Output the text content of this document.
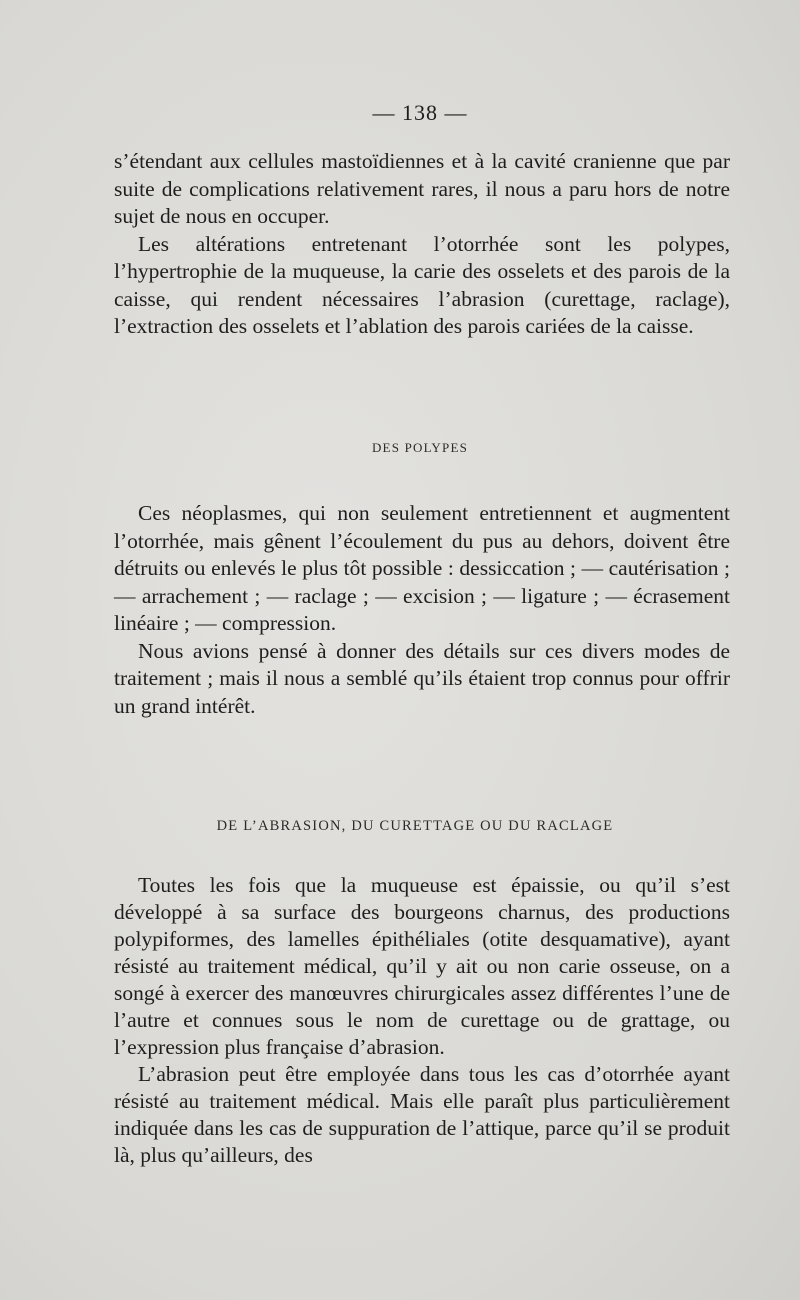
— 138 —

s’étendant aux cellules mastoïdiennes et à la cavité cranienne que par suite de complications relativement rares, il nous a paru hors de notre sujet de nous en occuper.

Les altérations entretenant l’otorrhée sont les polypes, l’hypertrophie de la muqueuse, la carie des osselets et des parois de la caisse, qui rendent nécessaires l’abrasion (curettage, raclage), l’extraction des osselets et l’ablation des parois cariées de la caisse.

DES POLYPES

Ces néoplasmes, qui non seulement entretiennent et augmentent l’otorrhée, mais gênent l’écoulement du pus au dehors, doivent être détruits ou enlevés le plus tôt possible : dessiccation ; — cautérisation ; — arrachement ; — raclage ; — excision ; — ligature ; — écrasement linéaire ; — compression.

Nous avions pensé à donner des détails sur ces divers modes de traitement ; mais il nous a semblé qu’ils étaient trop connus pour offrir un grand intérêt.

DE L’ABRASION, DU CURETTAGE OU DU RACLAGE

Toutes les fois que la muqueuse est épaissie, ou qu’il s’est développé à sa surface des bourgeons charnus, des productions polypiformes, des lamelles épithéliales (otite desquamative), ayant résisté au traitement médical, qu’il y ait ou non carie osseuse, on a songé à exercer des manœuvres chirurgicales assez différentes l’une de l’autre et connues sous le nom de curettage ou de grattage, ou l’expression plus française d’abrasion.

L’abrasion peut être employée dans tous les cas d’otorrhée ayant résisté au traitement médical. Mais elle paraît plus particulièrement indiquée dans les cas de suppuration de l’attique, parce qu’il se produit là, plus qu’ailleurs, des
